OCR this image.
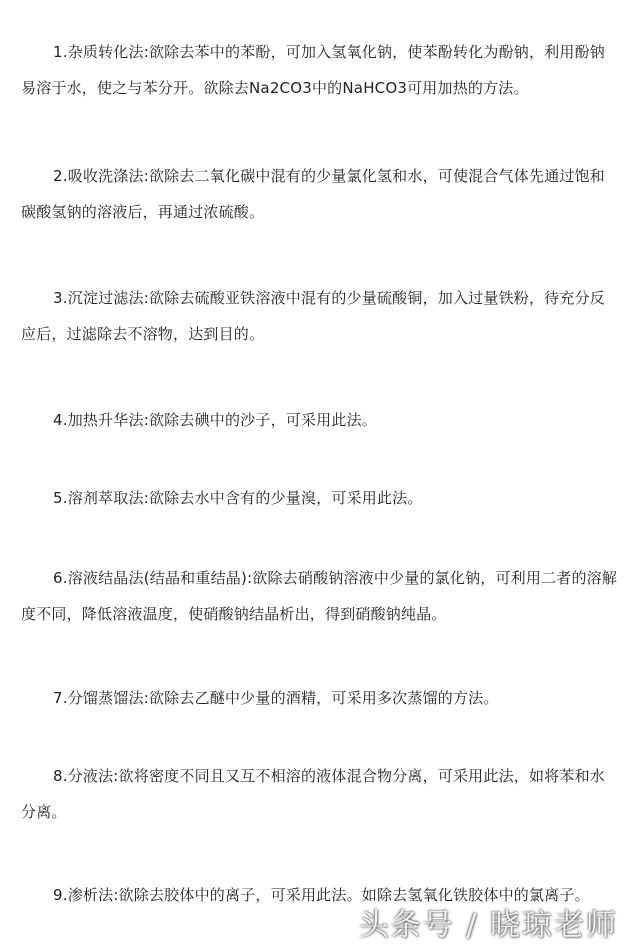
1.杂质转化法:欲除去苯中的苯酚，可加入氢氧化钠，使苯酚转化为酚钠，利用酚钠易溶于水，使之与苯分开。欲除去Na2CO3中的NaHCO3可用加热的方法。

2.吸收洗涤法:欲除去二氧化碳中混有的少量氯化氢和水，可使混合气体先通过饱和碳酸氢钠的溶液后，再通过浓硫酸。

3.沉淀过滤法:欲除去硫酸亚铁溶液中混有的少量硫酸铜，加入过量铁粉，待充分反应后，过滤除去不溶物，达到目的。

4.加热升华法:欲除去碘中的沙子，可采用此法。

5.溶剂萃取法:欲除去水中含有的少量溴，可采用此法。

6.溶液结晶法(结晶和重结晶):欲除去硝酸钠溶液中少量的氯化钠，可利用二者的溶解度不同，降低溶液温度，使硝酸钠结晶析出，得到硝酸钠纯晶。

7.分馏蒸馏法:欲除去乙醚中少量的酒精，可采用多次蒸馏的方法。

8.分液法:欲将密度不同且又互不相溶的液体混合物分离，可采用此法，如将苯和水分离。

9.渗析法:欲除去胶体中的离子，可采用此法。如除去氢氧化铁胶体中的氯离子。

头条号 / 晓琼老师
